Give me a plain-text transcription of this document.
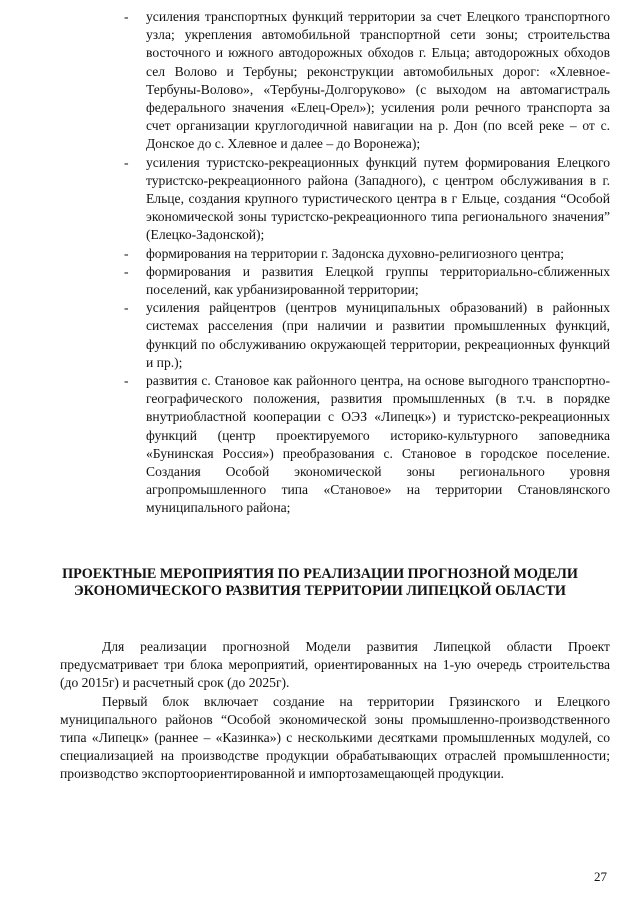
- усиления транспортных функций территории за счет Елецкого транспортного узла; укрепления автомобильной транспортной сети зоны; строительства восточного и южного автодорожных обходов г. Ельца; автодорожных обходов сел Волово и Тербуны; реконструкции автомобильных дорог: «Хлевное-Тербуны-Волово», «Тербуны-Долгоруково» (с выходом на автомагистраль федерального значения «Елец-Орел»); усиления роли речного транспорта за счет организации круглогодичной навигации на р. Дон (по всей реке – от с. Донское до с. Хлевное и далее – до Воронежа);
- усиления туристско-рекреационных функций путем формирования Елецкого туристско-рекреационного района (Западного), с центром обслуживания в г. Ельце, создания крупного туристического центра в г Ельце, создания “Особой экономической зоны туристско-рекреационного типа регионального значения” (Елецко-Задонской);
- формирования на территории г. Задонска духовно-религиозного центра;
- формирования и развития Елецкой группы территориально-сближенных поселений, как урбанизированной территории;
- усиления райцентров (центров муниципальных образований) в районных системах расселения (при наличии и развитии промышленных функций, функций по обслуживанию окружающей территории, рекреационных функций и пр.);
- развития с. Становое как районного центра, на основе выгодного транспортно-географического положения, развития промышленных (в т.ч. в порядке внутриобластной кооперации с ОЭЗ «Липецк») и туристско-рекреационных функций (центр проектируемого историко-культурного заповедника «Бунинская Россия») преобразования с. Становое в городское поселение. Создания Особой экономической зоны регионального уровня агропромышленного типа «Становое» на территории Становлянского муниципального района;
ПРОЕКТНЫЕ МЕРОПРИЯТИЯ ПО РЕАЛИЗАЦИИ ПРОГНОЗНОЙ МОДЕЛИ ЭКОНОМИЧЕСКОГО РАЗВИТИЯ ТЕРРИТОРИИ ЛИПЕЦКОЙ ОБЛАСТИ

Для реализации прогнозной Модели развития Липецкой области Проект предусматривает три блока мероприятий, ориентированных на 1-ую очередь строительства (до 2015г) и расчетный срок (до 2025г).

Первый блок включает создание на территории Грязинского и Елецкого муниципального районов “Особой экономической зоны промышленно-производственного типа «Липецк» (раннее – «Казинка») с несколькими десятками промышленных модулей, со специализацией на производстве продукции обрабатывающих отраслей промышленности; производство экспортоориентированной и импортозамещающей продукции.

27
